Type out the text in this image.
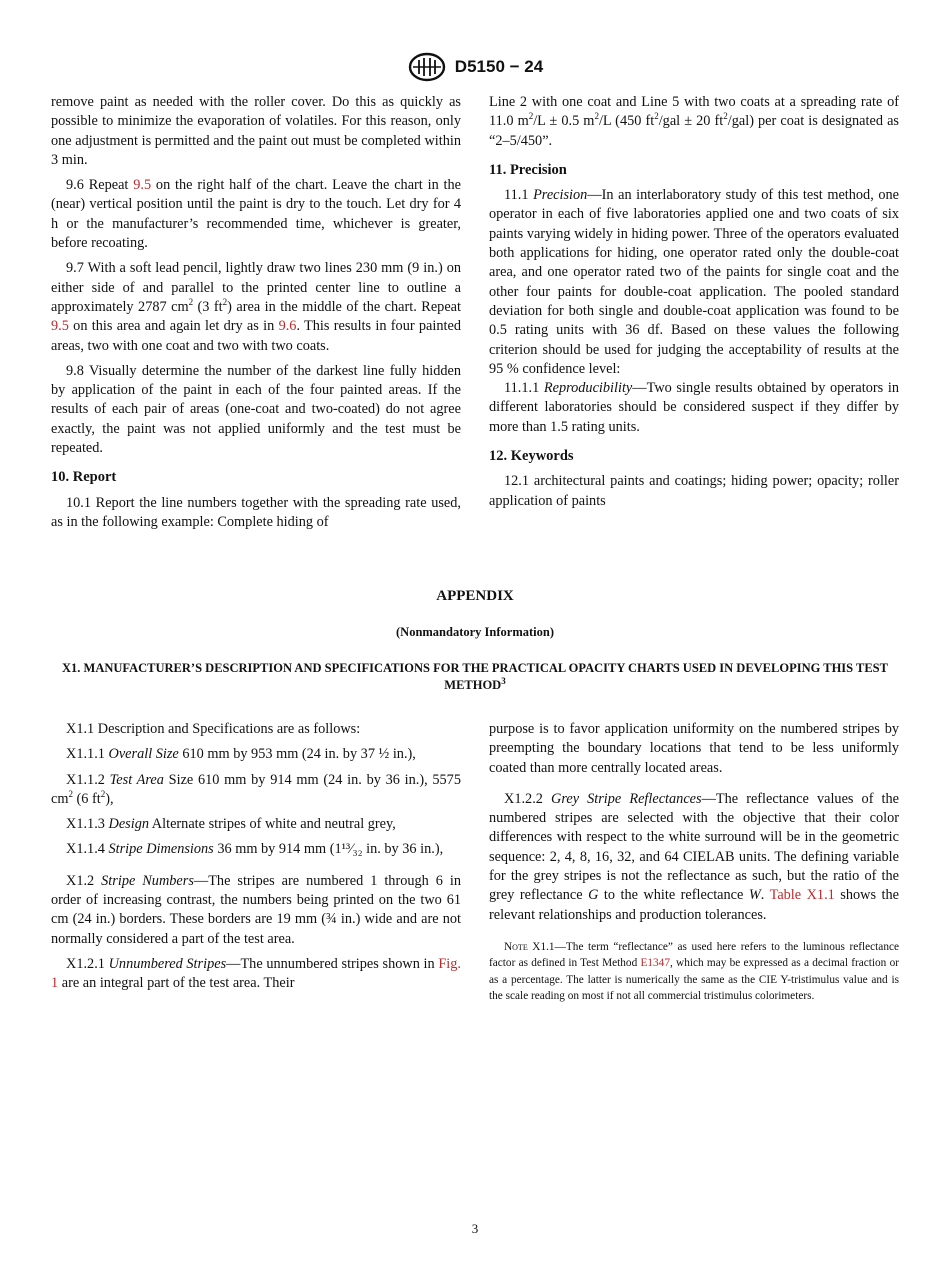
D5150 − 24

remove paint as needed with the roller cover. Do this as quickly as possible to minimize the evaporation of volatiles. For this reason, only one adjustment is permitted and the paint out must be completed within 3 min.

9.6 Repeat 9.5 on the right half of the chart. Leave the chart in the (near) vertical position until the paint is dry to the touch. Let dry for 4 h or the manufacturer’s recommended time, whichever is greater, before recoating.

9.7 With a soft lead pencil, lightly draw two lines 230 mm (9 in.) on either side of and parallel to the printed center line to outline a approximately 2787 $cm^2$ (3 $ft^2$) area in the middle of the chart. Repeat 9.5 on this area and again let dry as in 9.6. This results in four painted areas, two with one coat and two with two coats.

9.8 Visually determine the number of the darkest line fully hidden by application of the paint in each of the four painted areas. If the results of each pair of areas (one-coat and two-coated) do not agree exactly, the paint was not applied uniformly and the test must be repeated.

10. Report

10.1 Report the line numbers together with the spreading rate used, as in the following example: Complete hiding of

Line 2 with one coat and Line 5 with two coats at a spreading rate of 11.0 $m^2/L \pm 0.5$ $m^2/L$ (450 $ft^2$/gal ± 20 $ft^2/gal$) per coat is designated as “2–5/450”.

11. Precision

11.1 Precision—In an interlaboratory study of this test method, one operator in each of five laboratories applied one and two coats of six paints varying widely in hiding power. Three of the operators evaluated both applications for hiding, one operator rated only the double-coat area, and one operator rated two of the paints for single coat and the other four paints for double-coat application. The pooled standard deviation for both single and double-coat application was found to be 0.5 rating units with 36 df. Based on these values the following criterion should be used for judging the acceptability of results at the 95 % confidence level:

11.1.1 Reproducibility—Two single results obtained by operators in different laboratories should be considered suspect if they differ by more than 1.5 rating units.

12. Keywords

12.1 architectural paints and coatings; hiding power; opacity; roller application of paints

APPENDIX
(Nonmandatory Information)
X1. MANUFACTURER’S DESCRIPTION AND SPECIFICATIONS FOR THE PRACTICAL OPACITY CHARTS USED IN DEVELOPING THIS TEST METHOD$^3$

X1.1 Description and Specifications are as follows:

X1.1.1 Overall Size 610 mm by 953 mm (24 in. by 37 ½ in.),

X1.1.2 Test Area Size 610 mm by 914 mm (24 in. by 36 in.), 5575 $cm^2$ (6 $ft^2$),

X1.1.3 Design Alternate stripes of white and neutral grey,

X1.1.4 Stripe Dimensions 36 mm by 914 mm (1¹³⁄₃₂ in. by 36 in.),

X1.2 Stripe Numbers—The stripes are numbered 1 through 6 in order of increasing contrast, the numbers being printed on the two 61 cm (24 in.) borders. These borders are 19 mm (¾ in.) wide and are not normally considered a part of the test area.

X1.2.1 Unnumbered Stripes—The unnumbered stripes shown in Fig. 1 are an integral part of the test area. Their

purpose is to favor application uniformity on the numbered stripes by preempting the boundary locations that tend to be less uniformly coated than more centrally located areas.

X1.2.2 Grey Stripe Reflectances—The reflectance values of the numbered stripes are selected with the objective that their color differences with respect to the white surround will be in the geometric sequence: 2, 4, 8, 16, 32, and 64 CIELAB units. The defining variable for the grey stripes is not the reflectance as such, but the ratio of the grey reflectance G to the white reflectance W. Table X1.1 shows the relevant relationships and production tolerances.

Note X1.1—The term “reflectance” as used here refers to the luminous reflectance factor as defined in Test Method E1347, which may be expressed as a decimal fraction or as a percentage. The latter is numerically the same as the CIE Y-tristimulus value and is the scale reading on most if not all commercial tristimulus colorimeters.
3
